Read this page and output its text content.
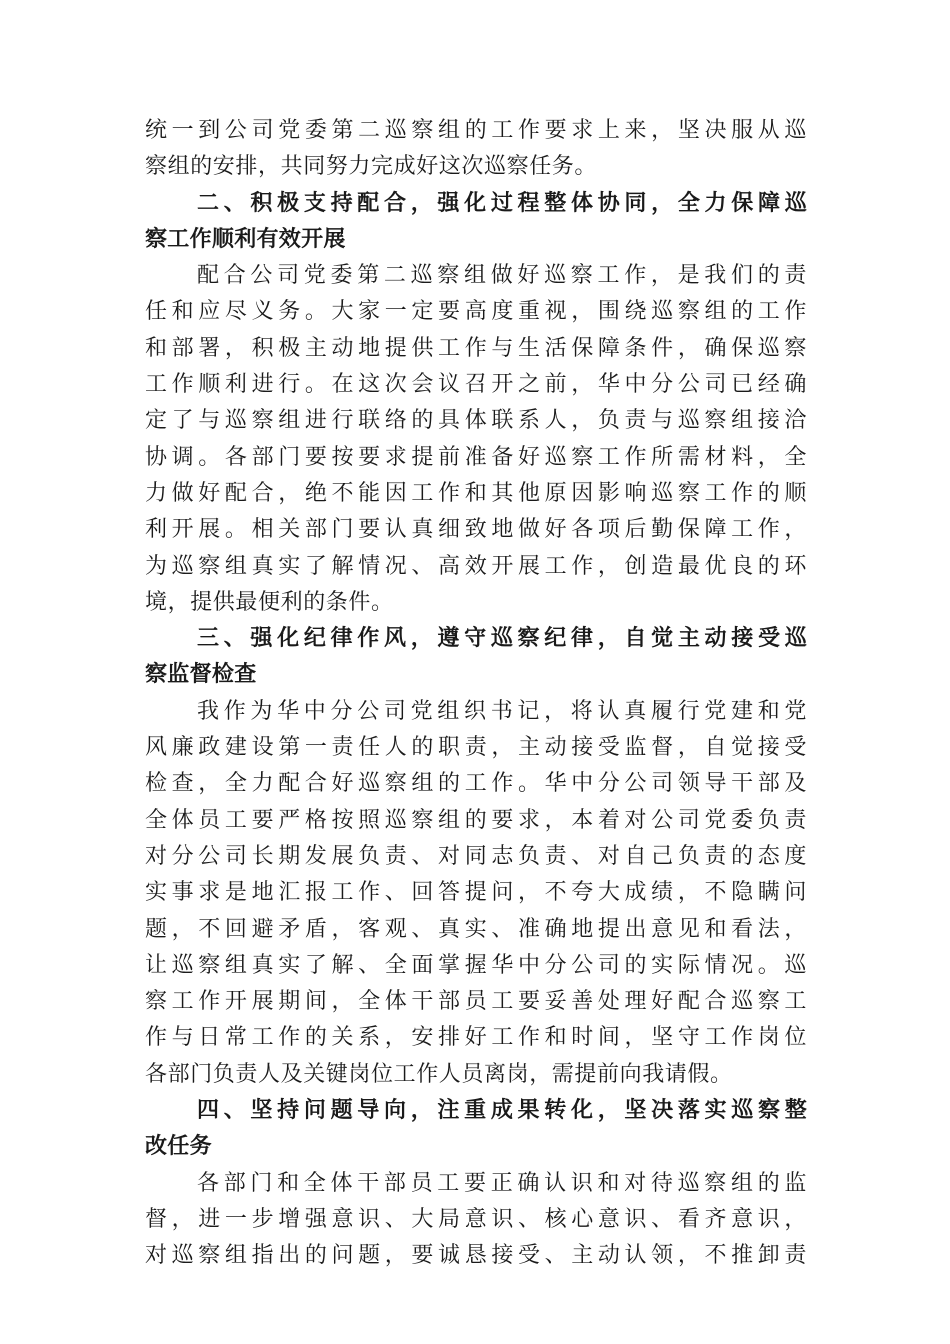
统一到公司党委第二巡察组的工作要求上来，坚决服从巡
察组的安排，共同努力完成好这次巡察任务。
二、积极支持配合，强化过程整体协同，全力保障巡
察工作顺利有效开展
配合公司党委第二巡察组做好巡察工作，是我们的责
任和应尽义务。大家一定要高度重视，围绕巡察组的工作
和部署，积极主动地提供工作与生活保障条件，确保巡察
工作顺利进行。在这次会议召开之前，华中分公司已经确
定了与巡察组进行联络的具体联系人，负责与巡察组接洽
协调。各部门要按要求提前准备好巡察工作所需材料，全
力做好配合，绝不能因工作和其他原因影响巡察工作的顺
利开展。相关部门要认真细致地做好各项后勤保障工作，
为巡察组真实了解情况、高效开展工作，创造最优良的环
境，提供最便利的条件。
三、强化纪律作风，遵守巡察纪律，自觉主动接受巡
察监督检查
我作为华中分公司党组织书记，将认真履行党建和党
风廉政建设第一责任人的职责，主动接受监督，自觉接受
检查，全力配合好巡察组的工作。华中分公司领导干部及
全体员工要严格按照巡察组的要求，本着对公司党委负责
对分公司长期发展负责、对同志负责、对自己负责的态度
实事求是地汇报工作、回答提问，不夸大成绩，不隐瞒问
题，不回避矛盾，客观、真实、准确地提出意见和看法，
让巡察组真实了解、全面掌握华中分公司的实际情况。巡
察工作开展期间，全体干部员工要妥善处理好配合巡察工
作与日常工作的关系，安排好工作和时间，坚守工作岗位
各部门负责人及关键岗位工作人员离岗，需提前向我请假。
四、坚持问题导向，注重成果转化，坚决落实巡察整
改任务
各部门和全体干部员工要正确认识和对待巡察组的监
督，进一步增强意识、大局意识、核心意识、看齐意识，
对巡察组指出的问题，要诚恳接受、主动认领，不推卸责
